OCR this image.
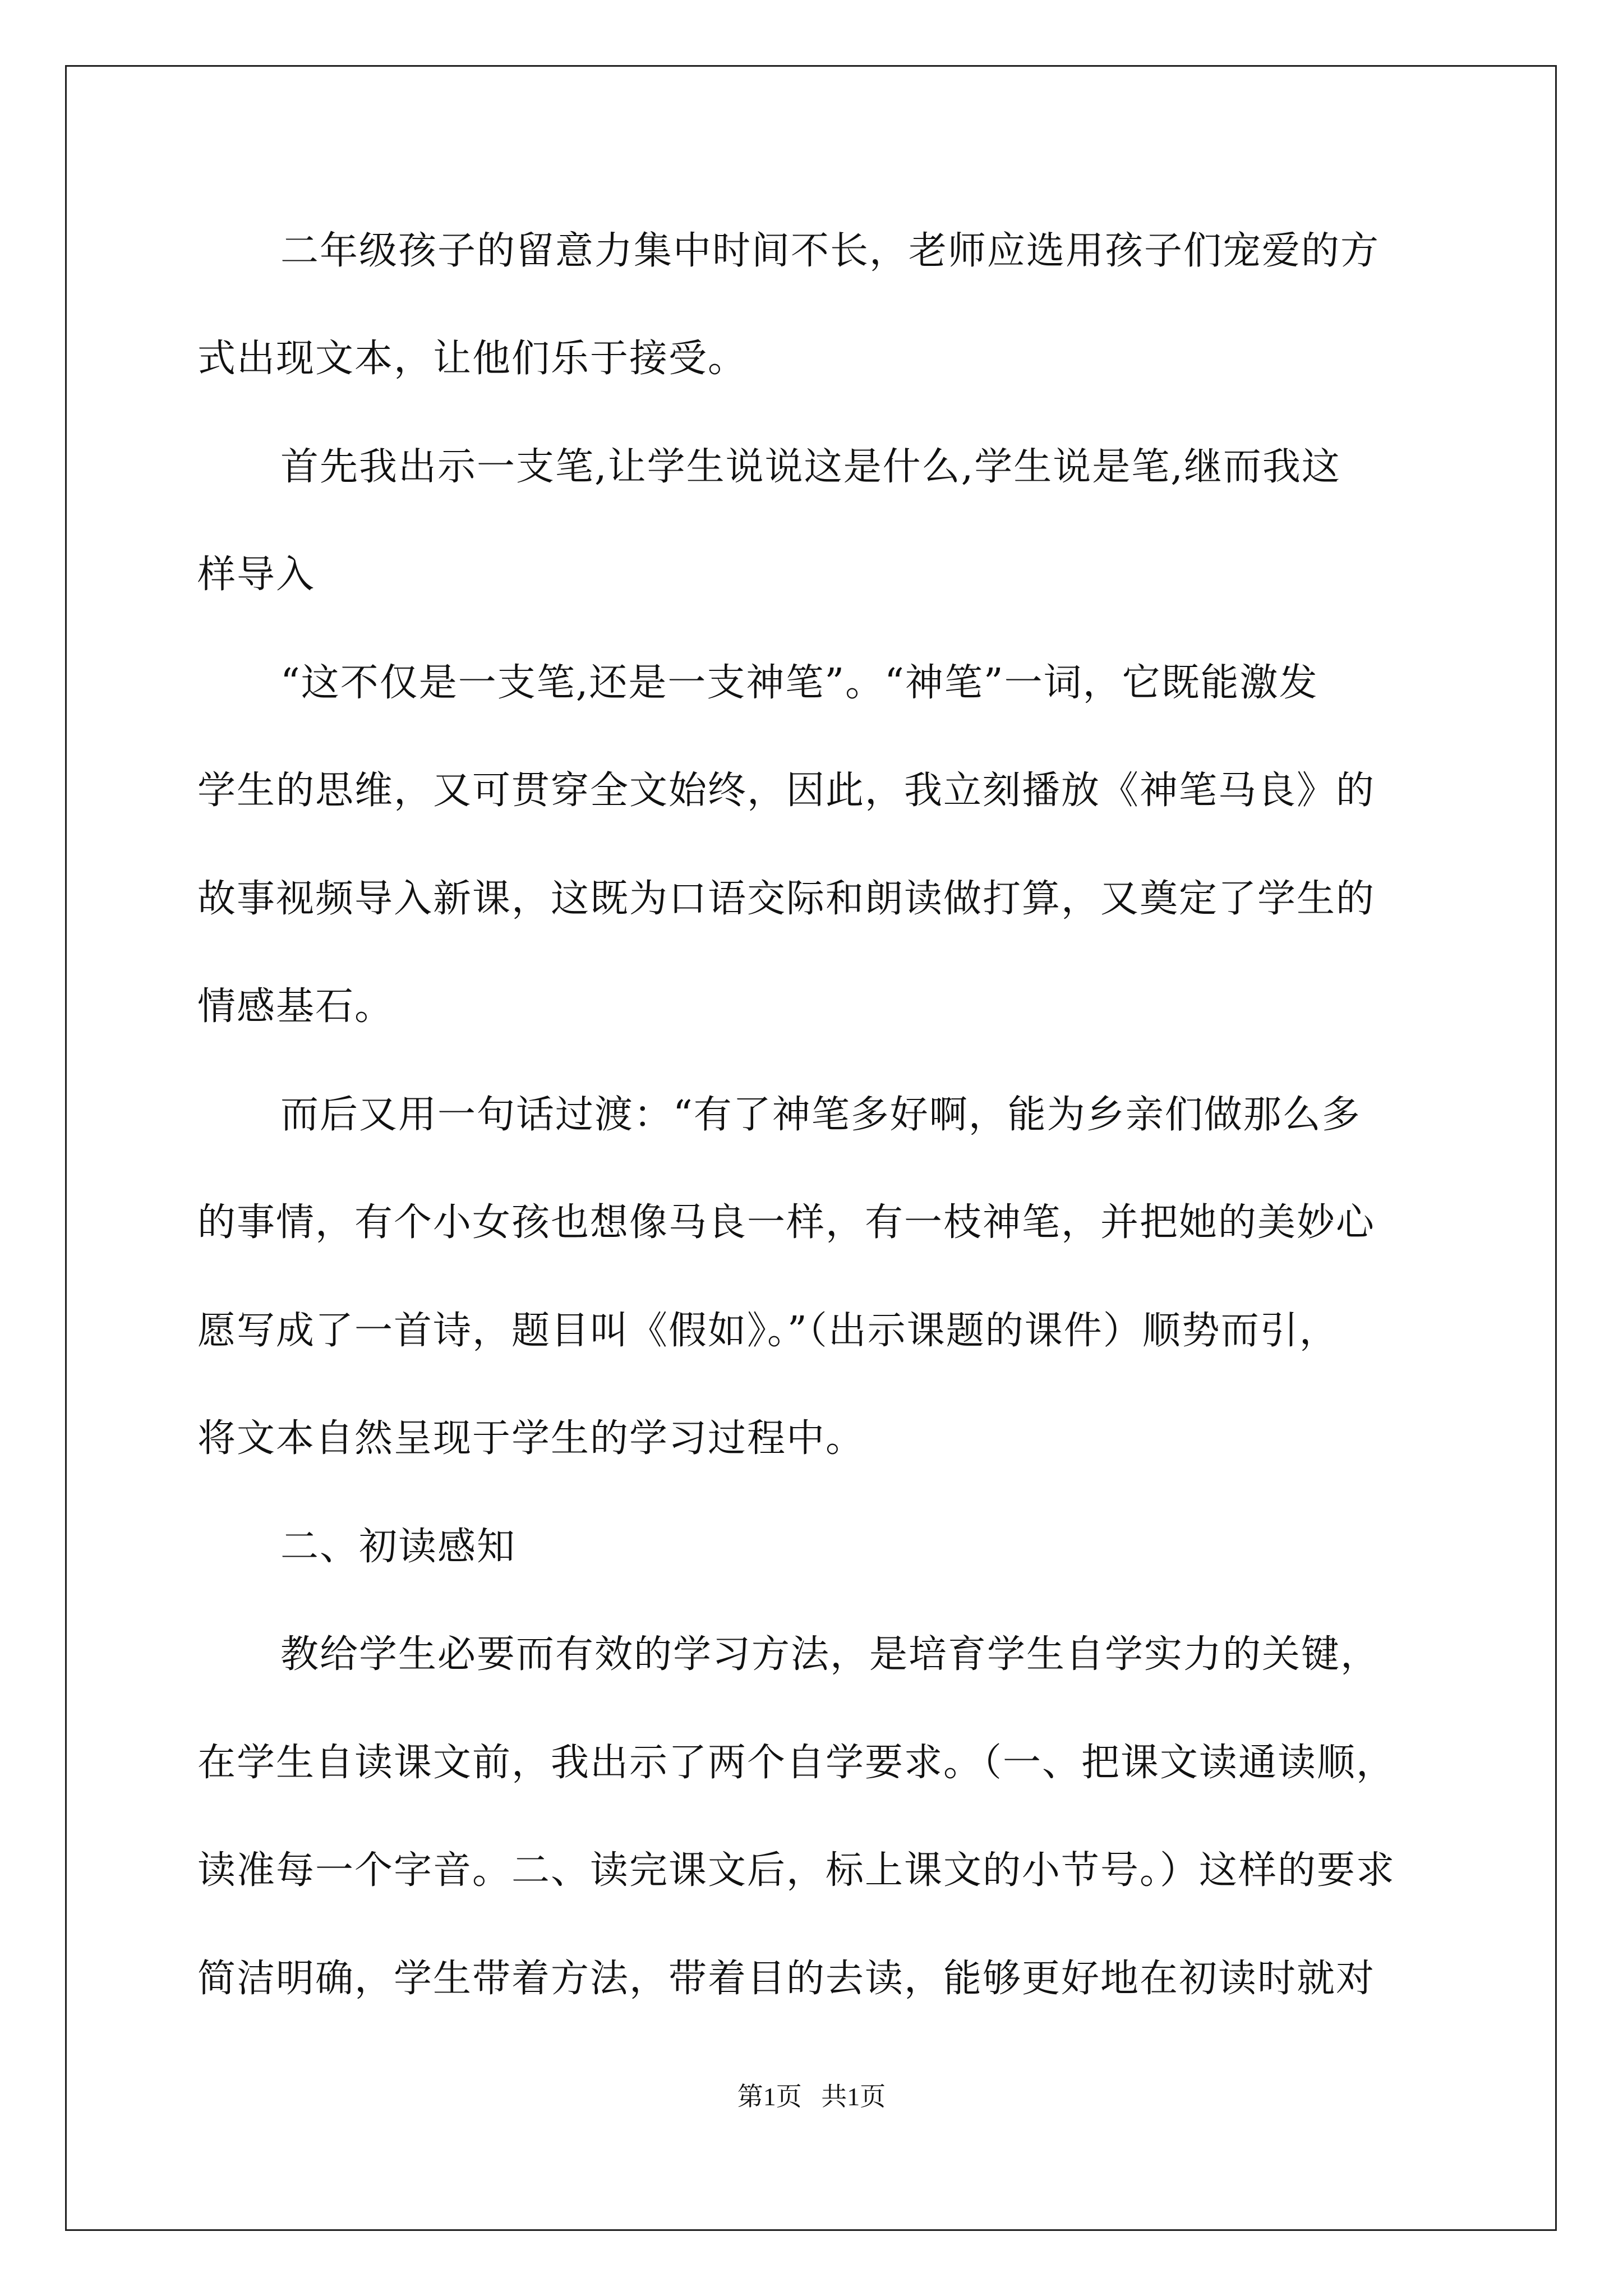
二年级孩子的留意力集中时间不长，老师应选用孩子们宠爱的方
式出现文本，让他们乐于接受。
首先我出示一支笔,让学生说说这是什么,学生说是笔,继而我这
样导入
“这不仅是一支笔,还是一支神笔”。“神笔”一词，它既能激发
学生的思维，又可贯穿全文始终，因此，我立刻播放《神笔马良》的
故事视频导入新课，这既为口语交际和朗读做打算，又奠定了学生的
情感基石。
而后又用一句话过渡：“有了神笔多好啊，能为乡亲们做那么多
的事情，有个小女孩也想像马良一样，有一枝神笔，并把她的美妙心
愿写成了一首诗，题目叫《假如》。”（出示课题的课件）顺势而引，
将文本自然呈现于学生的学习过程中。
二、初读感知
教给学生必要而有效的学习方法，是培育学生自学实力的关键，
在学生自读课文前，我出示了两个自学要求。（一、把课文读通读顺，
读准每一个字音。二、读完课文后，标上课文的小节号。）这样的要求
简洁明确，学生带着方法，带着目的去读，能够更好地在初读时就对
第1页   共1页
